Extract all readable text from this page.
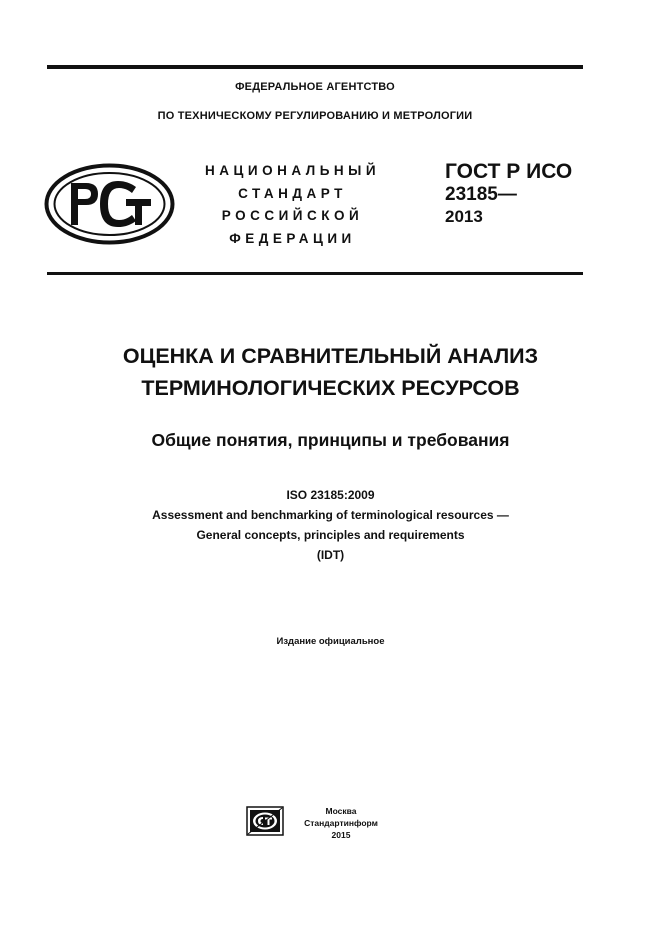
ФЕДЕРАЛЬНОЕ АГЕНТСТВО
ПО ТЕХНИЧЕСКОМУ РЕГУЛИРОВАНИЮ И МЕТРОЛОГИИ
НАЦИОНАЛЬНЫЙ
СТАНДАРТ
РОССИЙСКОЙ
ФЕДЕРАЦИИ
ГОСТ Р ИСО
23185—
2013
ОЦЕНКА И СРАВНИТЕЛЬНЫЙ АНАЛИЗ
ТЕРМИНОЛОГИЧЕСКИХ РЕСУРСОВ
Общие понятия, принципы и требования
ISO 23185:2009
Assessment and benchmarking of terminological resources —
General concepts, principles and requirements
(IDT)
Издание официальное
Москва
Стандартинформ
2015
